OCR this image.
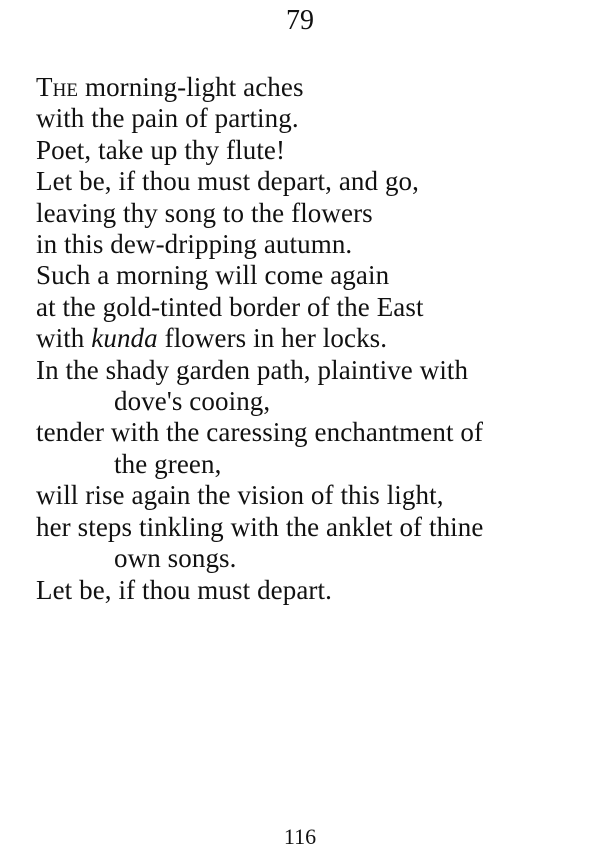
79
The morning-light aches
with the pain of parting.
Poet, take up thy flute!
Let be, if thou must depart, and go,
leaving thy song to the flowers
in this dew-dripping autumn.
Such a morning will come again
at the gold-tinted border of the East
with kunda flowers in her locks.
In the shady garden path, plaintive with
dove's cooing,
tender with the caressing enchantment of
the green,
will rise again the vision of this light,
her steps tinkling with the anklet of thine
own songs.
Let be, if thou must depart.
116
